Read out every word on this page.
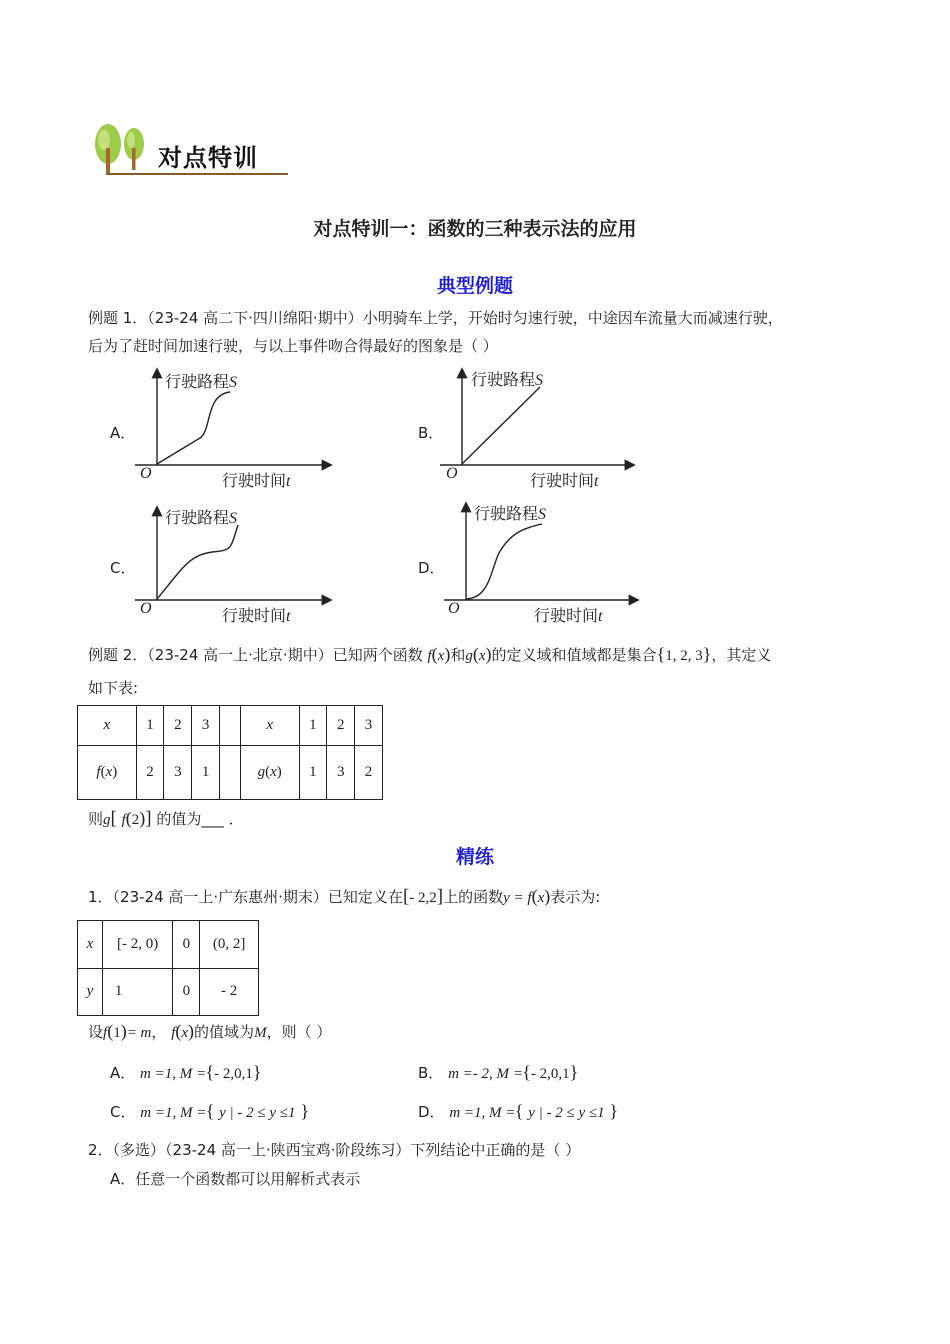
对点特训
对点特训一：函数的三种表示法的应用
典型例题
例题 1．（23-24 高二下·四川绵阳·期中）小明骑车上学，开始时匀速行驶，中途因车流量大而减速行驶，
后为了赶时间加速行驶，与以上事件吻合得最好的图象是（ ）
行驶路程S
行驶时间t
O
A．
行驶路程S
行驶时间t
O
B．
行驶路程S
行驶时间t
O
C．
行驶路程S
行驶时间t
O
D．
例题 2．（23-24 高一上·北京·期中）已知两个函数 f(x)和g(x)的定义域和值域都是集合{1, 2, 3}，其定义
如下表:
x	1	2	3		x	1	2	3
f(x)	2	3	1		g(x)	1	3	2
则g[ f(2)] 的值为___ ．
精练
1．（23-24 高一上·广东惠州·期末）已知定义在[- 2,2]上的函数y = f(x)表示为:
x	[- 2, 0)	0	(0, 2]
y	1	0	- 2
设f(1)= m， f(x)的值域为M，则（ ）
A． m =1, M ={- 2,0,1}	B． m =- 2, M ={- 2,0,1}
C． m =1, M ={ y | - 2 ≤ y ≤1 }	D． m =1, M ={ y | - 2 ≤ y ≤1 }
2．（多选）（23-24 高一上·陕西宝鸡·阶段练习）下列结论中正确的是（ ）
A．任意一个函数都可以用解析式表示
